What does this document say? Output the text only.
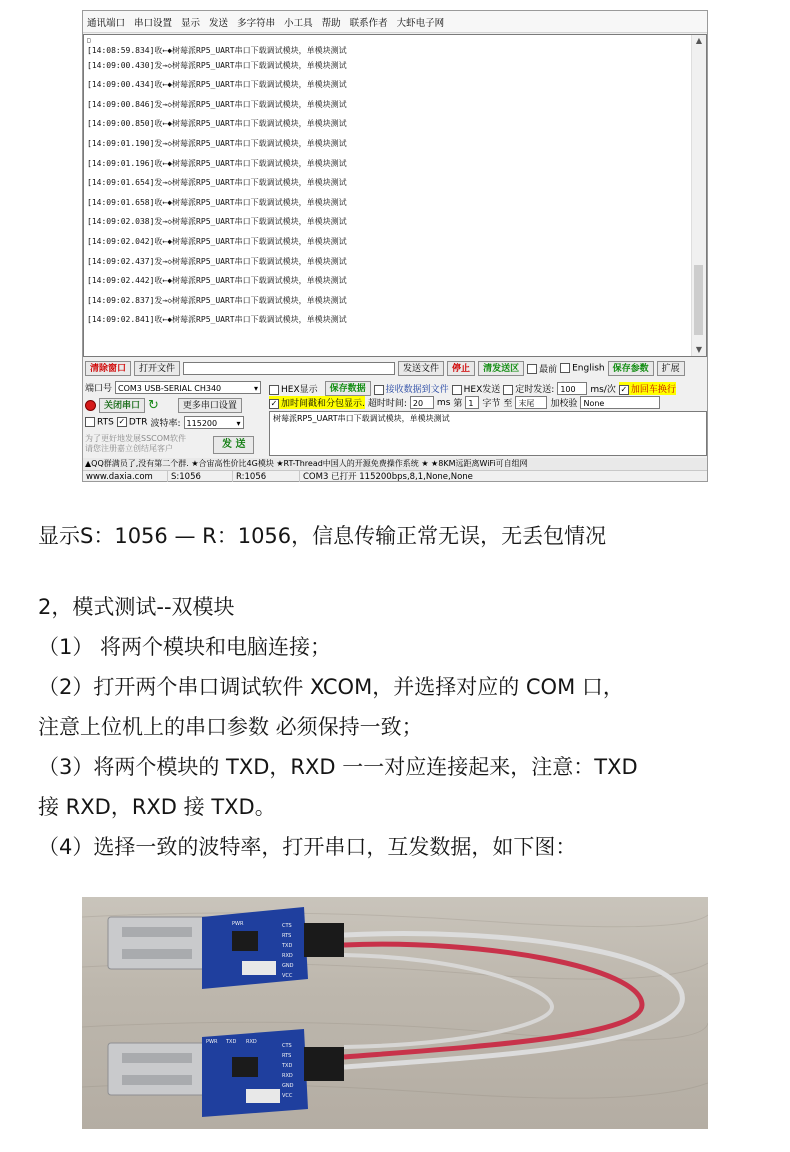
通讯端口 串口设置 显示 发送 多字符串 小工具 帮助 联系作者 大虾电子网
□
[14:08:59.834]收←◆树莓派RP5_UART串口下载调试模块，单模块测试
[14:09:00.430]发→◇树莓派RP5_UART串口下载调试模块，单模块测试
[14:09:00.434]收←◆树莓派RP5_UART串口下载调试模块，单模块测试
[14:09:00.846]发→◇树莓派RP5_UART串口下载调试模块，单模块测试
[14:09:00.850]收←◆树莓派RP5_UART串口下载调试模块，单模块测试
[14:09:01.190]发→◇树莓派RP5_UART串口下载调试模块，单模块测试
[14:09:01.196]收←◆树莓派RP5_UART串口下载调试模块，单模块测试
[14:09:01.654]发→◇树莓派RP5_UART串口下载调试模块，单模块测试
[14:09:01.658]收←◆树莓派RP5_UART串口下载调试模块，单模块测试
[14:09:02.038]发→◇树莓派RP5_UART串口下载调试模块，单模块测试
[14:09:02.042]收←◆树莓派RP5_UART串口下载调试模块，单模块测试
[14:09:02.437]发→◇树莓派RP5_UART串口下载调试模块，单模块测试
[14:09:02.442]收←◆树莓派RP5_UART串口下载调试模块，单模块测试
[14:09:02.837]发→◇树莓派RP5_UART串口下载调试模块，单模块测试
[14:09:02.841]收←◆树莓派RP5_UART串口下载调试模块，单模块测试
▲
▼
清除窗口	打开文件	发送文件	停止	清发送区	最前	English 保存参数	扩展
端口号 COM3 USB-SERIAL CH340	▾
关闭串口 ↻	更多串口设置
RTS ✓	DTR 波特率: 115200 ▾
为了更好地发展SSCOM软件
请您注册嘉立创结尾客户	发 送
HEX显示	保存数据	接收数据到文件	HEX发送	定时发送: 100	ms/次 ✓	加回车换行
✓加时间戳和分包显示. 超时时间: 20	ms 第 1 字节 至 末尾	加校验 None
树莓派RP5_UART串口下载调试模块，单模块测试
▲QQ群满员了,没有第二个群. ★合宙高性价比4G模块 ★RT-Thread中国人的开源免费操作系统 ★ ★8KM远距离WiFi可自组网
www.daxia.com	S:1056	R:1056	COM3 已打开 115200bps,8,1,None,None
显示S：1056 — R：1056，信息传输正常无误，无丢包情况
2，模式测试--双模块
（1） 将两个模块和电脑连接；
（2）打开两个串口调试软件 XCOM，并选择对应的 COM 口，
注意上位机上的串口参数 必须保持一致；
（3）将两个模块的 TXD，RXD 一一对应连接起来，注意：TXD
接 RXD，RXD 接 TXD。
（4）选择一致的波特率，打开串口，互发数据，如下图：
CTS
RTS
TXD
RXD
GND
VCC
PWR
CTS
RTS
TXD
RXD
GND
VCC
PWR TXD RXD
